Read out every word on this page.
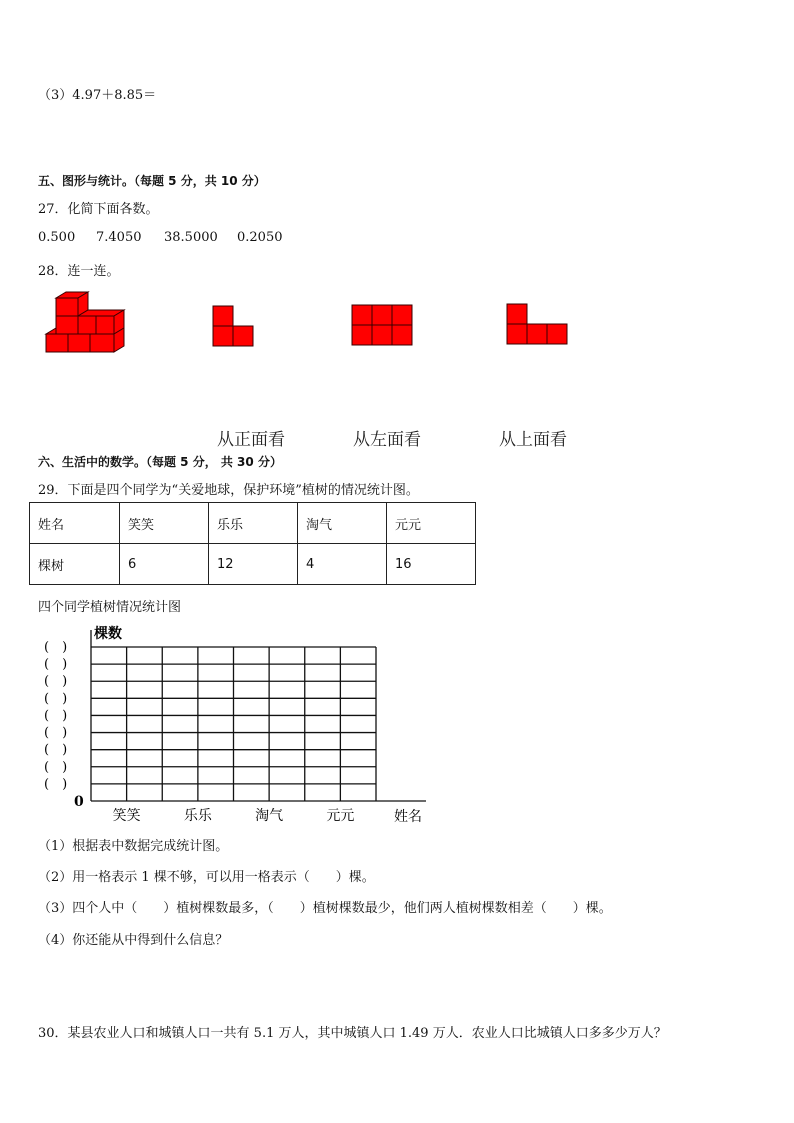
（3）4.97＋8.85＝
五、图形与统计。（每题 5 分，共 10 分）
27．化简下面各数。
0.500 7.4050 38.5000 0.2050
28．连一连。
从正面看	从左面看	从上面看
六、生活中的数学。（每题 5 分， 共 30 分）
29．下面是四个同学为“关爱地球，保护环境”植树的情况统计图。
姓名	笑笑	乐乐	淘气	元元
棵树	6	12	4	16
四个同学植树情况统计图
0
(　)
(　)
(　)
(　)
(　)
(　)
(　)
(　)
(　)
笑笑	乐乐	淘气	元元
棵数
姓名
（1）根据表中数据完成统计图。
（2）用一格表示 1 棵不够，可以用一格表示（　　）棵。
（3）四个人中（　　）植树棵数最多，（　　）植树棵数最少，他们两人植树棵数相差（　　）棵。
（4）你还能从中得到什么信息？
30．某县农业人口和城镇人口一共有 5.1 万人，其中城镇人口 1.49 万人．农业人口比城镇人口多多少万人？
